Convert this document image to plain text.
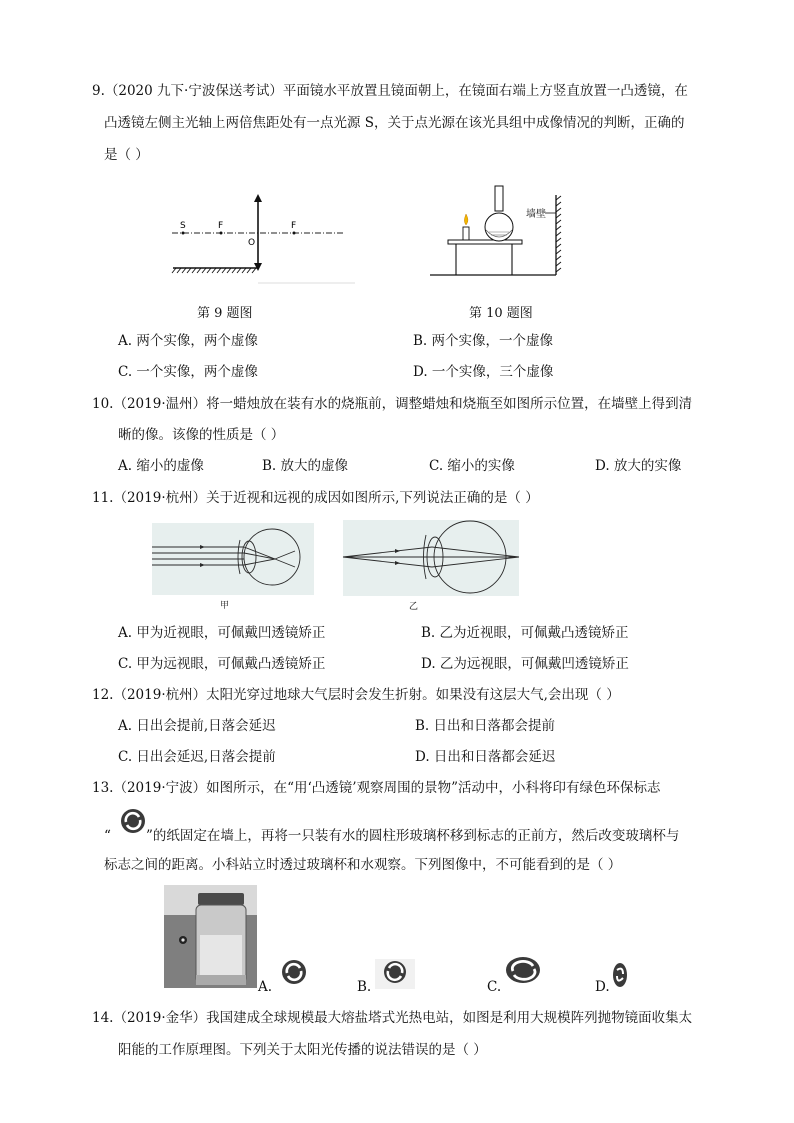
9.（2020 九下·宁波保送考试）平面镜水平放置且镜面朝上，在镜面右端上方竖直放置一凸透镜，在
凸透镜左侧主光轴上两倍焦距处有一点光源 S，关于点光源在该光具组中成像情况的判断，正确的
是（ ）
S	F
O
F
第 9 题图
墙壁
第 10 题图
A. 两个实像，两个虚像	B. 两个实像，一个虚像
C. 一个实像，两个虚像	D. 一个实像，三个虚像
10.（2019·温州）将一蜡烛放在装有水的烧瓶前，调整蜡烛和烧瓶至如图所示位置，在墙壁上得到清
晰的像。该像的性质是（ ）
A. 缩小的虚像	B. 放大的虚像	C. 缩小的实像	D. 放大的实像
11.（2019·杭州）关于近视和远视的成因如图所示,下列说法正确的是（ ）
甲	乙
A. 甲为近视眼，可佩戴凹透镜矫正	B. 乙为近视眼，可佩戴凸透镜矫正
C. 甲为远视眼，可佩戴凸透镜矫正	D. 乙为远视眼，可佩戴凹透镜矫正
12.（2019·杭州）太阳光穿过地球大气层时会发生折射。如果没有这层大气,会出现（ ）
A. 日出会提前,日落会延迟	B. 日出和日落都会提前
C. 日出会延迟,日落会提前	D. 日出和日落都会延迟
13.（2019·宁波）如图所示，在“用‘凸透镜’观察周围的景物”活动中，小科将印有绿色环保标志
“	”的纸固定在墙上，再将一只装有水的圆柱形玻璃杯移到标志的正前方，然后改变玻璃杯与
标志之间的距离。小科站立时透过玻璃杯和水观察。下列图像中，不可能看到的是（ ）
A.	B.	C.	D.
14.（2019·金华）我国建成全球规模最大熔盐塔式光热电站，如图是利用大规模阵列抛物镜面收集太
阳能的工作原理图。下列关于太阳光传播的说法错误的是（ ）
